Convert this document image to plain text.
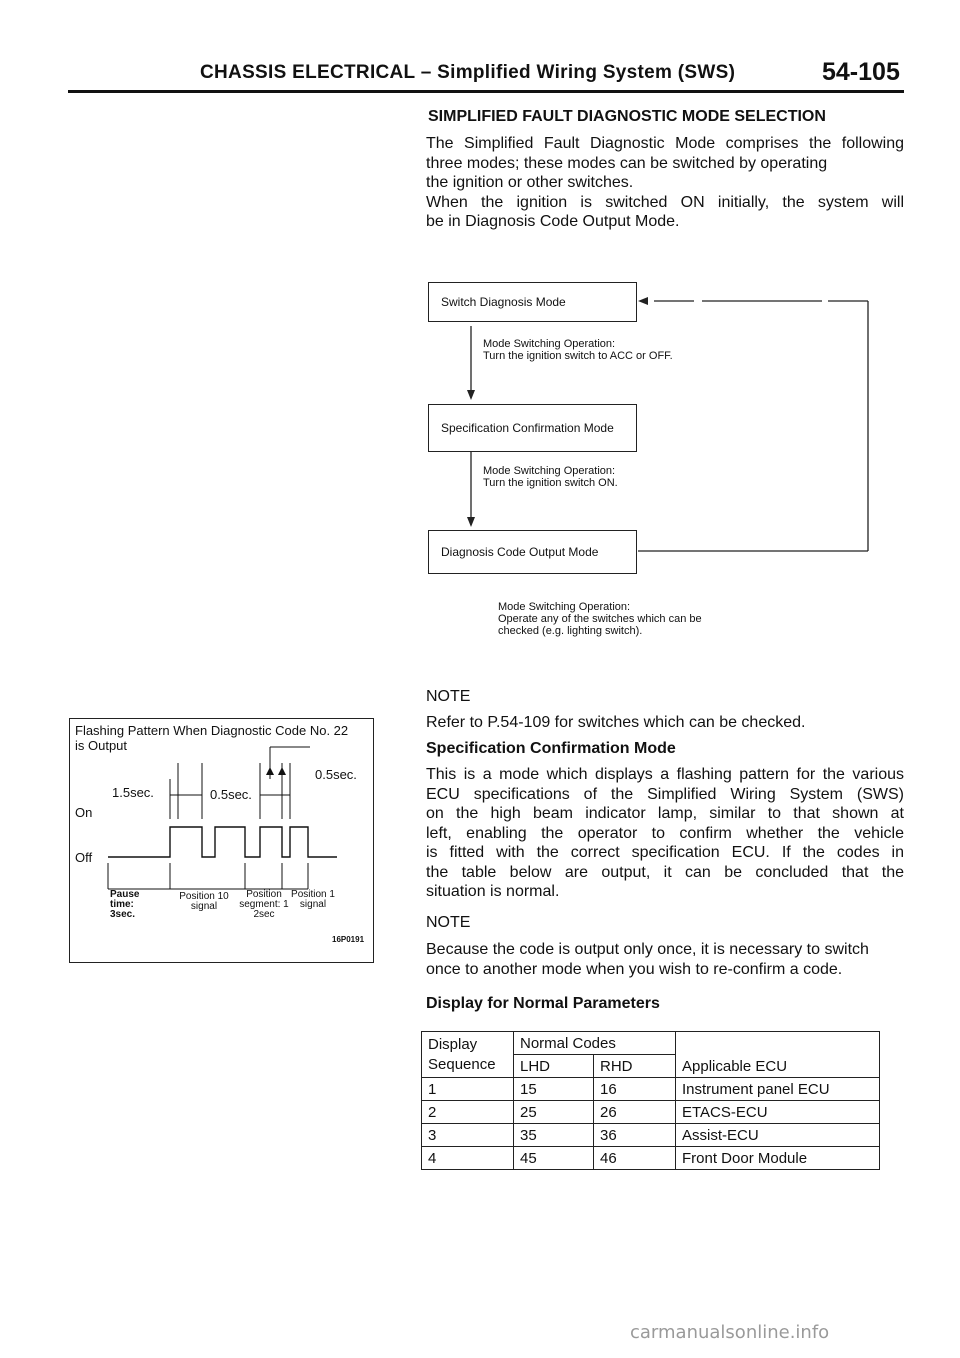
CHASSIS ELECTRICAL – Simplified Wiring System (SWS)	54-105
SIMPLIFIED FAULT DIAGNOSTIC MODE SELECTION
The Simplified Fault Diagnostic Mode comprises the following
three modes; these modes can be switched by operating
the ignition or other switches.
When the ignition is switched ON initially, the system will
be in Diagnosis Code Output Mode.
Switch Diagnosis Mode
Mode Switching Operation:
Turn the ignition switch to ACC or OFF.
Specification Confirmation Mode
Mode Switching Operation:
Turn the ignition switch ON.
Diagnosis Code Output Mode
Mode Switching Operation:
Operate any of the switches which can be
checked (e.g. lighting switch).
NOTE
Refer to P.54-109 for switches which can be checked.
Specification Confirmation Mode
This is a mode which displays a flashing pattern for the various
ECU specifications of the Simplified Wiring System (SWS)
on the high beam indicator lamp, similar to that shown at
left, enabling the operator to confirm whether the vehicle
is fitted with the correct specification ECU. If the codes in
the table below are output, it can be concluded that the
situation is normal.
NOTE
Because the code is output only once, it is necessary to switch
once to another mode when you wish to re-confirm a code.
Flashing Pattern When Diagnostic Code No. 22
is Output
0.5sec.
1.5sec.	0.5sec.
On
Off
Pause
time:
3sec.
Position 10
signal
Position
segment: 1
2sec
Position 1
signal
16P0191
Display for Normal Parameters
Display
Sequence	Normal Codes		Applicable ECU
	LHD	RHD	
1	15	16	Instrument panel ECU
2	25	26	ETACS-ECU
3	35	36	Assist-ECU
4	45	46	Front Door Module
carmanualsonline.info
